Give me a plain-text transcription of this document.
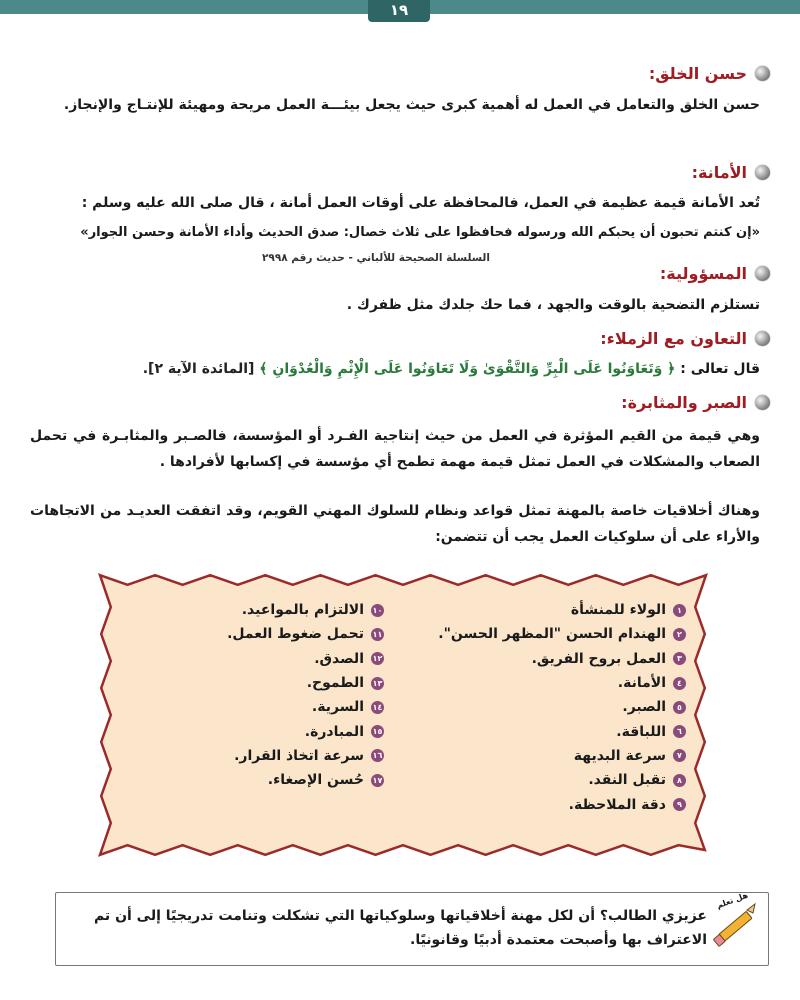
١٩
حسن الخلق:
حسن الخلق والتعامل في العمل له أهمية كبرى حيث يجعل بيئـــة العمل مريحة ومهيئة للإنتـاج والإنجاز.
الأمانة:
تُعد الأمانة قيمة عظيمة في العمل، فالمحافظة على أوقات العمل أمانة ، قال صلى الله عليه وسلم :
«إن كنتم تحبون أن يحبكم الله ورسوله فحافظوا على ثلاث خصال: صدق الحديث وأداء الأمانة وحسن الجوار»
السلسلة الصحيحة للألباني - حديث رقم ٢٩٩٨
المسؤولية:
تستلزم التضحية بالوقت والجهد ، فما حك جلدك مثل ظفرك .
التعاون مع الزملاء:
قال تعالى : ﴿ وَتَعَاوَنُوا عَلَى الْبِرِّ وَالتَّقْوَىٰ وَلَا تَعَاوَنُوا عَلَى الْإِثْمِ وَالْعُدْوَانِ ﴾ [المائدة الآية ٢].
الصبر والمثابرة:
وهي قيمة من القيم المؤثرة في العمل من حيث إنتاجية الفـرد أو المؤسسة، فالصـبر والمثابـرة في تحمل الصعاب والمشكلات في العمل تمثل قيمة مهمة تطمح أي مؤسسة في إكسابها لأفرادها .
وهناك أخلاقيات خاصة بالمهنة تمثل قواعد ونظام للسلوك المهني القويم، وقد اتفقت العديـد من الاتجاهات والأراء على أن سلوكيات العمل يجب أن تتضمن:
١
الولاء للمنشأة
٢
الهندام الحسن "المظهر الحسن".
٣
العمل بروح الفريق.
٤
الأمانة.
٥
الصبر.
٦
اللباقة.
٧
سرعة البديهة
٨
تقبل النقد.
٩
دقة الملاحظة.
١٠
الالتزام بالمواعيد.
١١
تحمل ضغوط العمل.
١٢
الصدق.
١٣
الطموح.
١٤
السرية.
١٥
المبادرة.
١٦
سرعة اتخاذ القرار.
١٧
حُسن الإصغاء.
هل تعلم
عزيزي الطالب؟ أن لكل مهنة أخلاقياتها وسلوكياتها التي تشكلت وتنامت تدريجيًا إلى أن تم الاعتراف بها وأصبحت معتمدة أدبيًا وقانونيًا.
